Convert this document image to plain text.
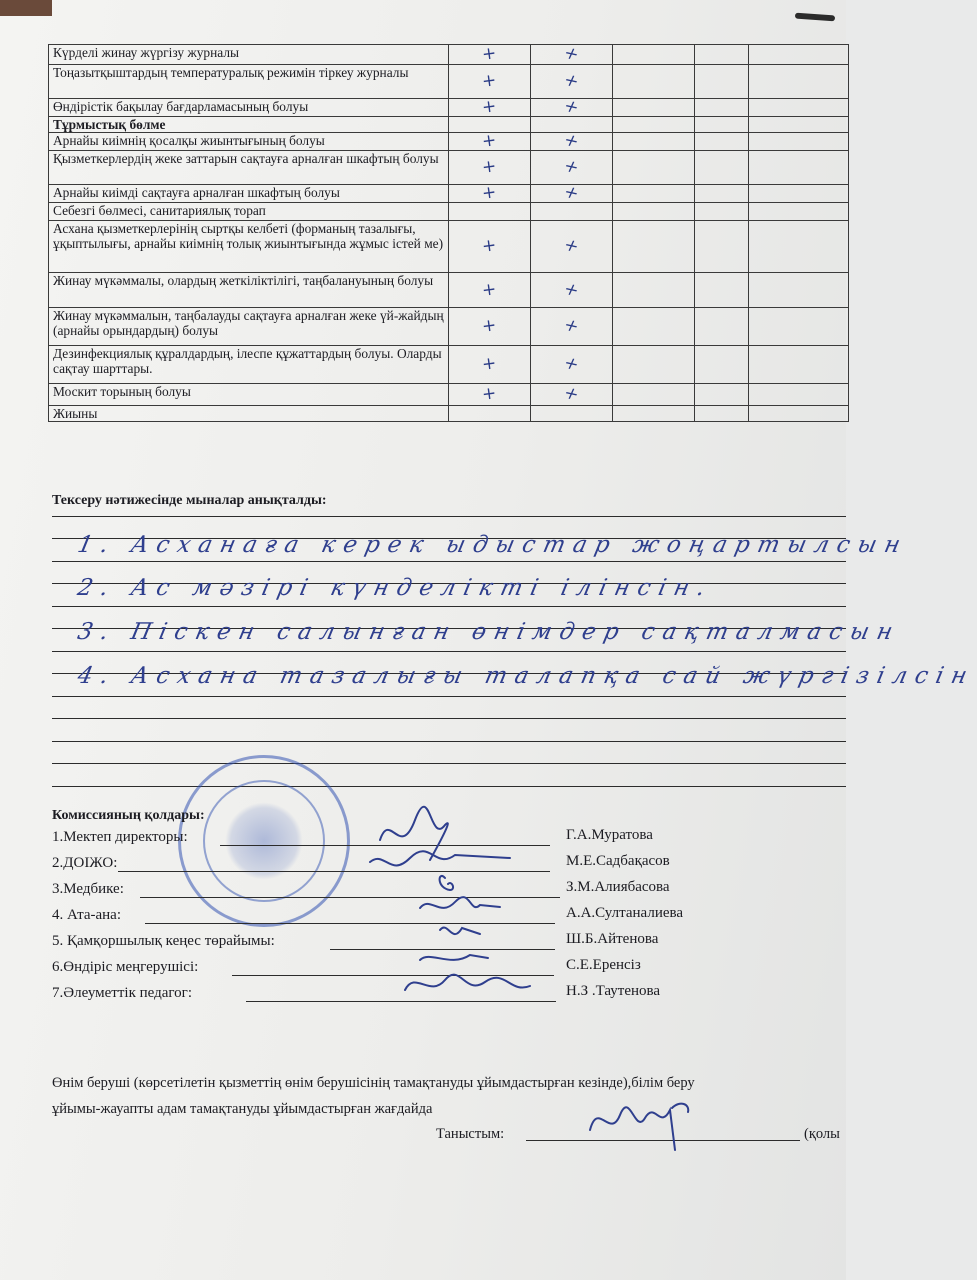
Күрделі жинау жүргізу журналы	+	+			
Тоңазытқыштардың температуралық режимін тіркеу журналы	+	+			
Өндірістік бақылау бағдарламасының болуы	+	+			
Тұрмыстық бөлме					
Арнайы киімнің қосалқы жиынтығының болуы	+	+			
Қызметкерлердің жеке заттарын сақтауға арналған шкафтың болуы	+	+			
Арнайы киімді сақтауға арналған шкафтың болуы	+	+			
Себезгі бөлмесі, санитариялық торап					
Асхана қызметкерлерінің сыртқы келбеті (форманың тазалығы, ұқыптылығы, арнайы киімнің толық жиынтығында жұмыс істей ме)	+	+			
Жинау мүкәммалы, олардың жеткіліктілігі, таңбалануының болуы	+	+			
Жинау мүкәммалын, таңбалауды сақтауға арналған жеке үй-жайдың (арнайы орындардың) болуы	+	+			
Дезинфекциялық құралдардың, ілеспе құжаттардың болуы. Оларды сақтау шарттары.	+	+			
Москит торының болуы	+	+			
Жиыны					
Тексеру нәтижесінде мыналар анықталды:
1. Асханаға керек ыдыстар жоңартылсын
2. Ас мәзірі күнделікті ілінсін.
3. Піскен салынған өнімдер сақталмасын
4. Асхана тазалығы талапқа сай жүргізілсін
Комиссияның қолдары:
1.Мектеп директоры:	Г.А.Муратова
2.ДОІЖО:	М.Е.Садбақасов
3.Медбике:	З.М.Алиябасова
4. Ата-ана:	А.А.Султаналиева
5. Қамқоршылық кеңес төрайымы:	Ш.Б.Айтенова
6.Өндіріс меңгерушісі:	С.Е.Еренсіз
7.Әлеуметтік педагог:	Н.З .Таутенова
Өнім беруші (көрсетілетін қызметтің өнім берушісінің тамақтануды ұйымдастырған кезінде),білім беру
ұйымы-жауапты адам тамақтануды ұйымдастырған жағдайда
Таныстым:	(қолы
